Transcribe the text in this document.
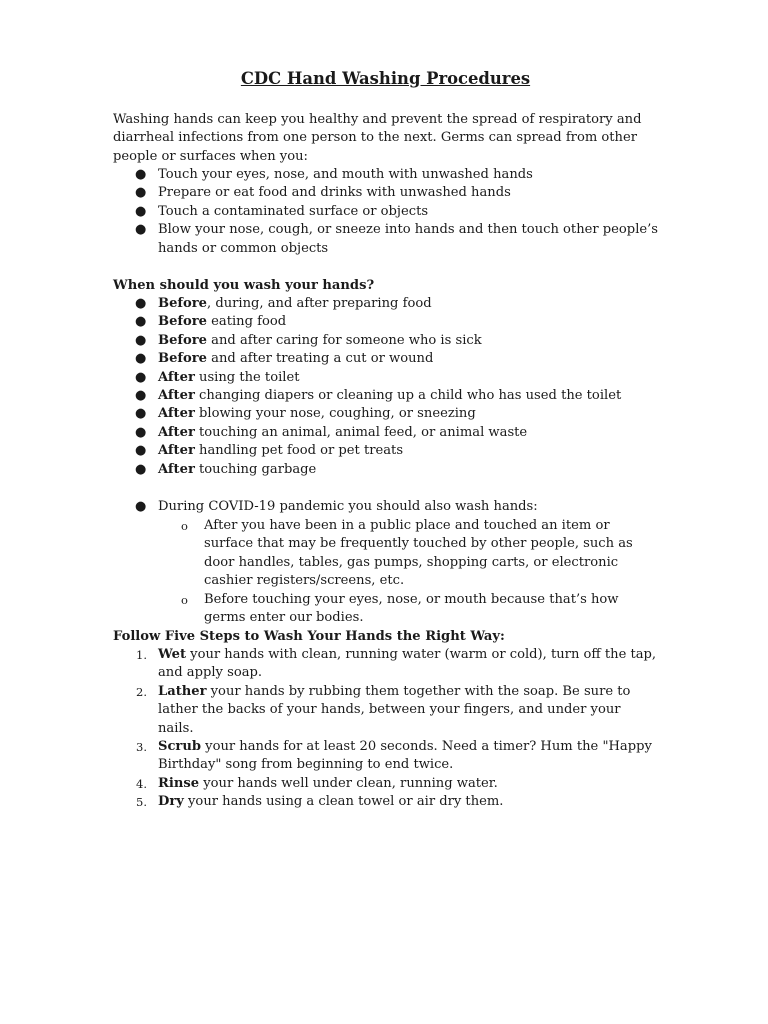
CDC Hand Washing Procedures

Washing hands can keep you healthy and prevent the spread of respiratory and diarrheal infections from one person to the next. Germs can spread from other people or surfaces when you:

● Touch your eyes, nose, and mouth with unwashed hands
● Prepare or eat food and drinks with unwashed hands
● Touch a contaminated surface or objects
● Blow your nose, cough, or sneeze into hands and then touch other people’s hands or common objects

When should you wash your hands?

● Before, during, and after preparing food
● Before eating food
● Before and after caring for someone who is sick
● Before and after treating a cut or wound
● After using the toilet
● After changing diapers or cleaning up a child who has used the toilet
● After blowing your nose, coughing, or sneezing
● After touching an animal, animal feed, or animal waste
● After handling pet food or pet treats
● After touching garbage
● During COVID-19 pandemic you should also wash hands:
o After you have been in a public place and touched an item or surface that may be frequently touched by other people, such as door handles, tables, gas pumps, shopping carts, or electronic cashier registers/screens, etc.
o Before touching your eyes, nose, or mouth because that’s how germs enter our bodies.

Follow Five Steps to Wash Your Hands the Right Way:

1. Wet your hands with clean, running water (warm or cold), turn off the tap, and apply soap.
2. Lather your hands by rubbing them together with the soap. Be sure to lather the backs of your hands, between your fingers, and under your nails.
3. Scrub your hands for at least 20 seconds. Need a timer? Hum the "Happy Birthday" song from beginning to end twice.
4. Rinse your hands well under clean, running water.
5. Dry your hands using a clean towel or air dry them.
